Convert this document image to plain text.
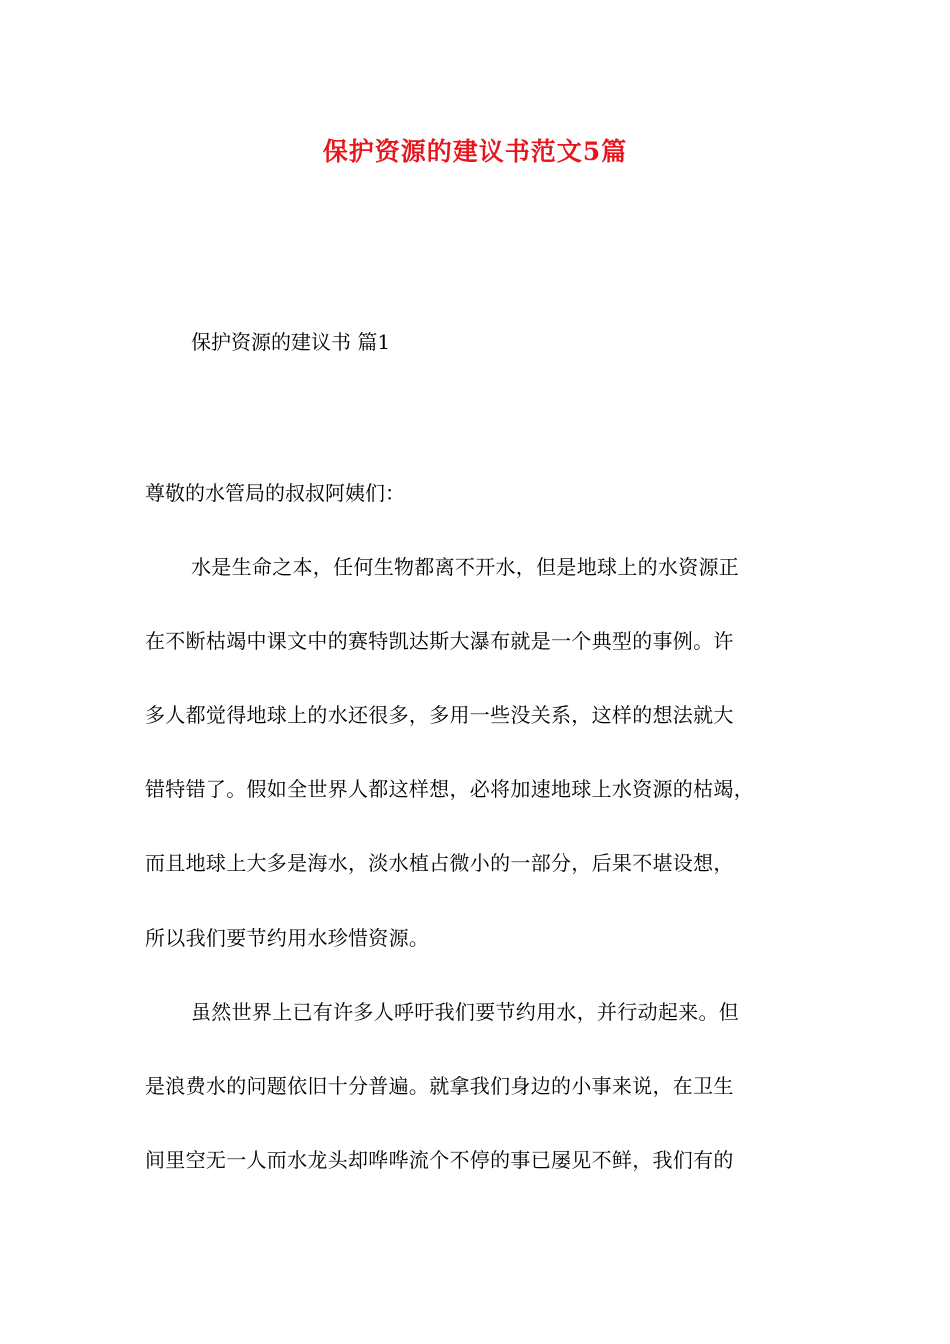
保护资源的建议书范文5篇
保护资源的建议书 篇1
尊敬的水管局的叔叔阿姨们：
水是生命之本，任何生物都离不开水，但是地球上的水资源正
在不断枯竭中课文中的赛特凯达斯大瀑布就是一个典型的事例。许
多人都觉得地球上的水还很多，多用一些没关系，这样的想法就大
错特错了。假如全世界人都这样想，必将加速地球上水资源的枯竭，
而且地球上大多是海水，淡水植占微小的一部分，后果不堪设想，
所以我们要节约用水珍惜资源。
虽然世界上已有许多人呼吁我们要节约用水，并行动起来。但
是浪费水的问题依旧十分普遍。就拿我们身边的小事来说，在卫生
间里空无一人而水龙头却哗哗流个不停的事已屡见不鲜，我们有的
